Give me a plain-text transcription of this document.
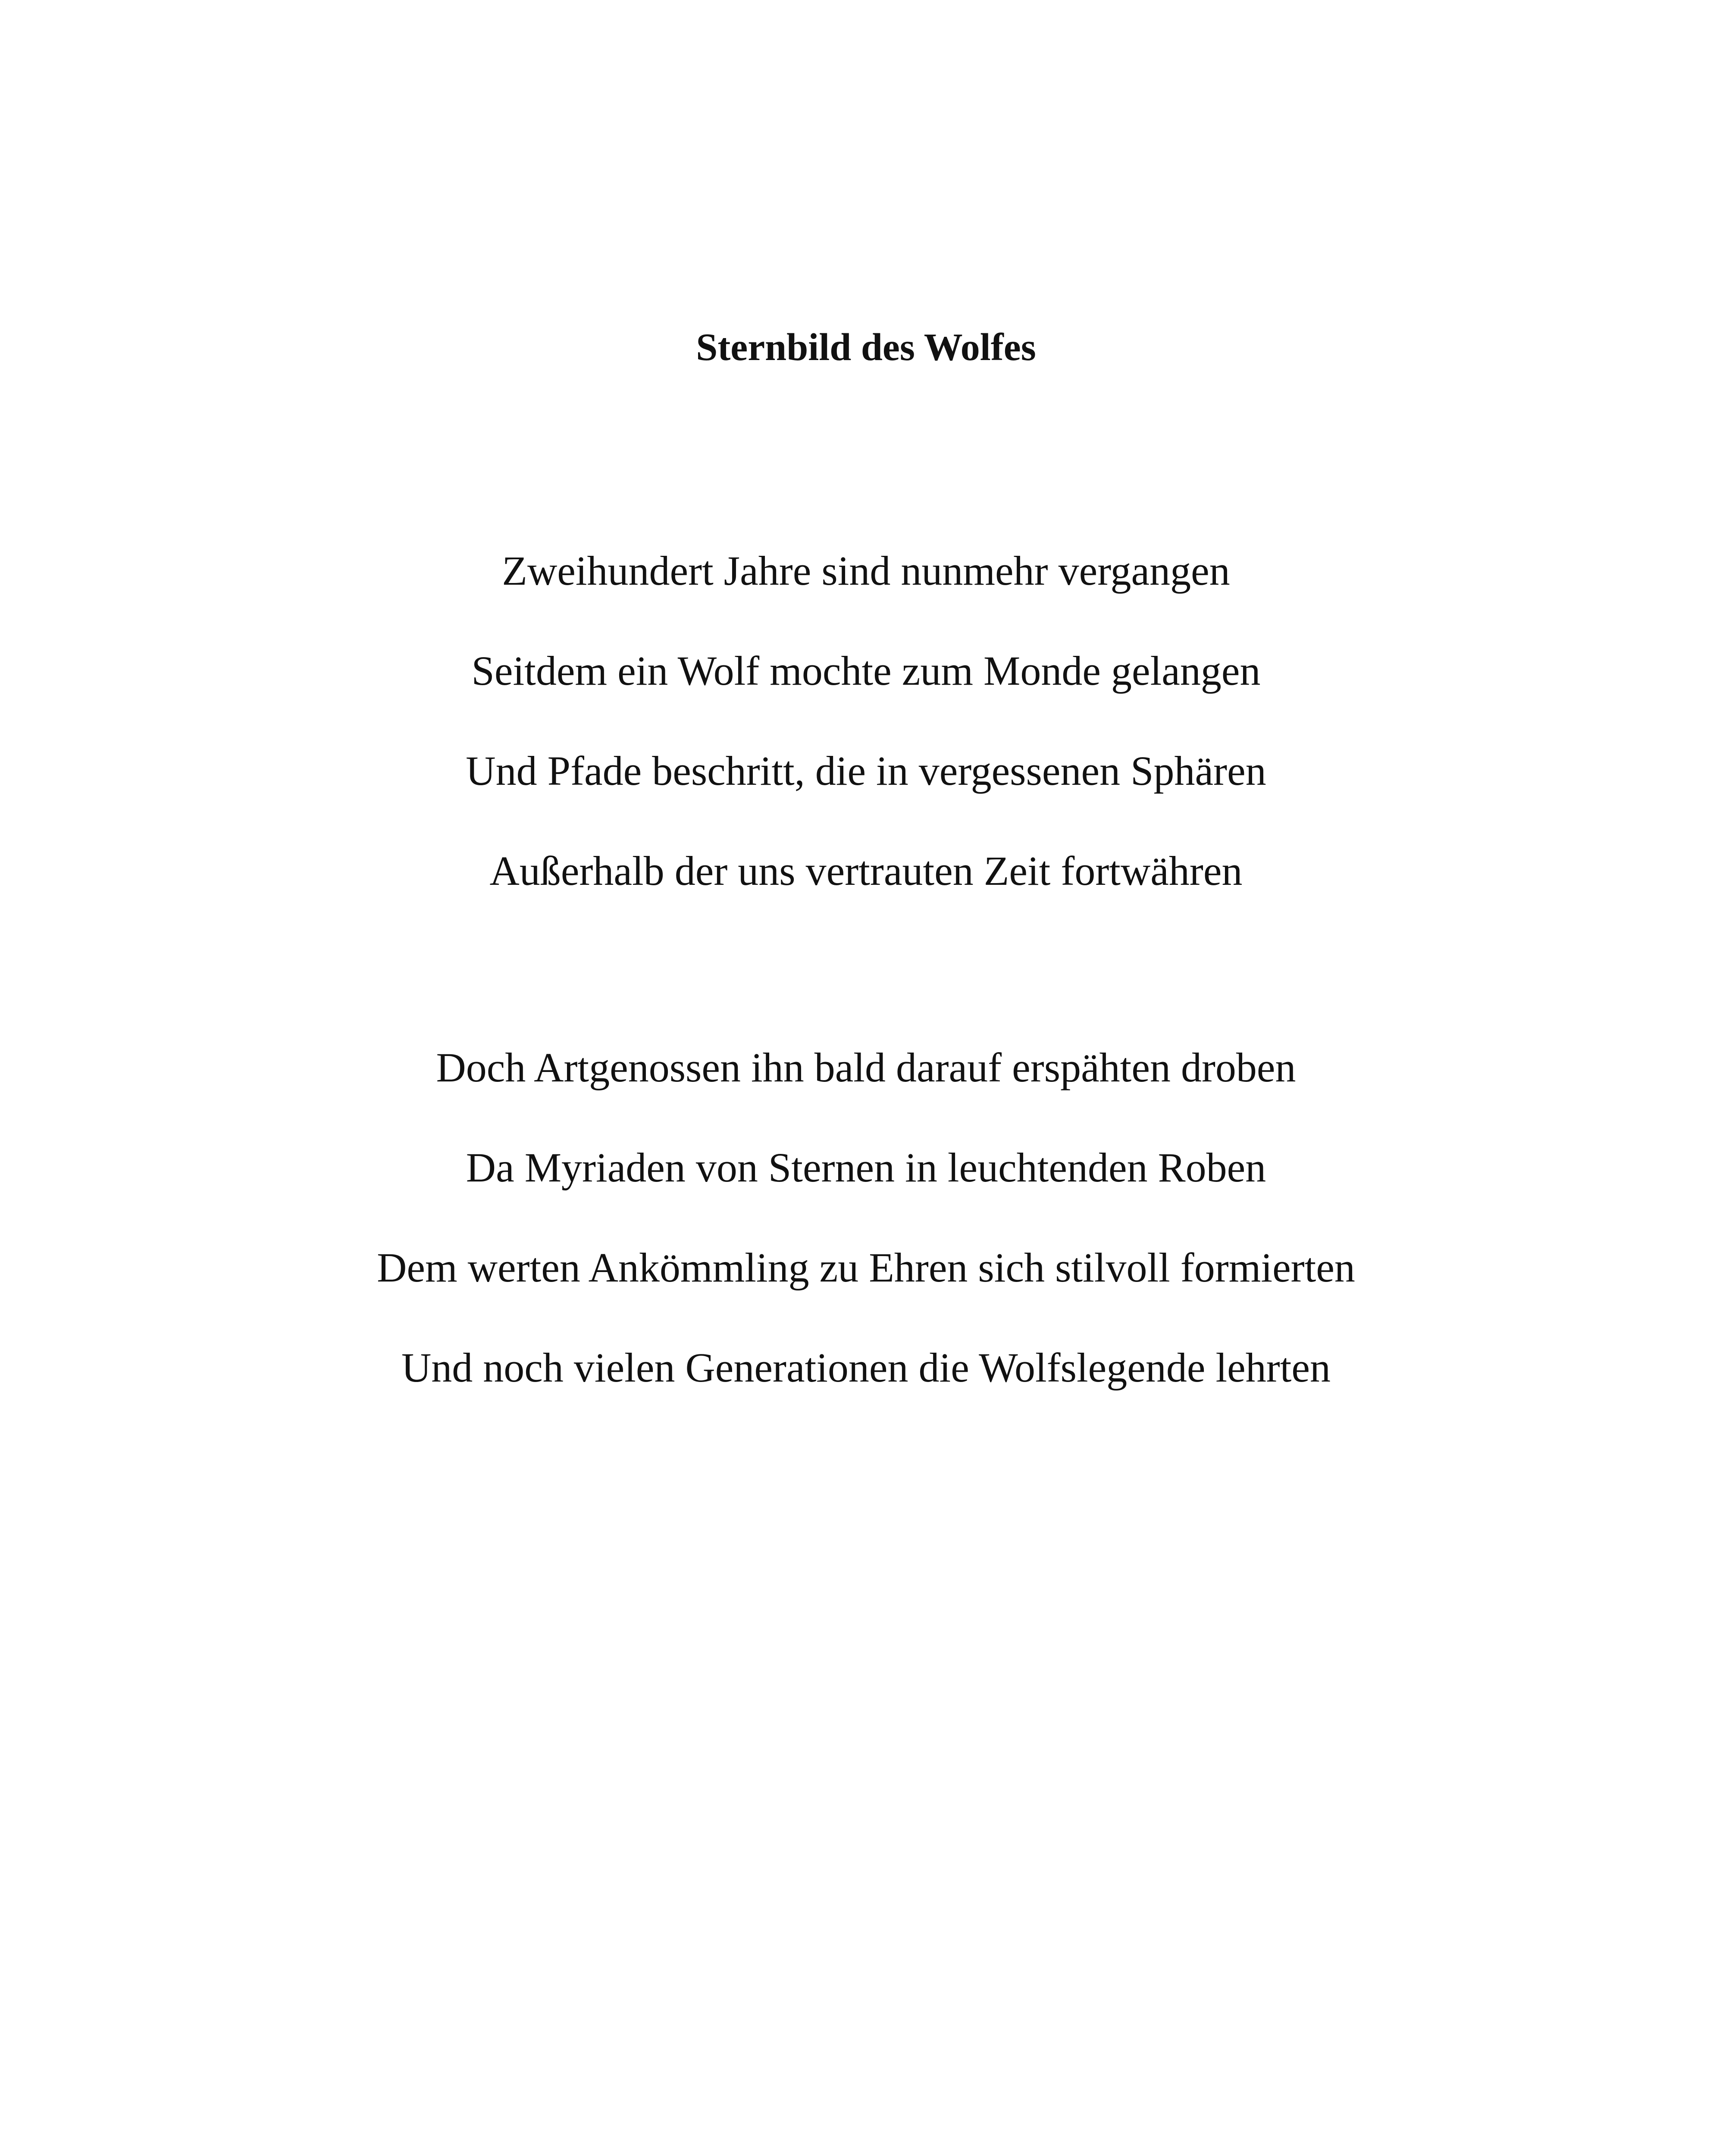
Sternbild des Wolfes
Zweihundert Jahre sind nunmehr vergangen
Seitdem ein Wolf mochte zum Monde gelangen
Und Pfade beschritt, die in vergessenen Sphären
Außerhalb der uns vertrauten Zeit fortwähren
Doch Artgenossen ihn bald darauf erspähten droben
Da Myriaden von Sternen in leuchtenden Roben
Dem werten Ankömmling zu Ehren sich stilvoll formierten
Und noch vielen Generationen die Wolfslegende lehrten
